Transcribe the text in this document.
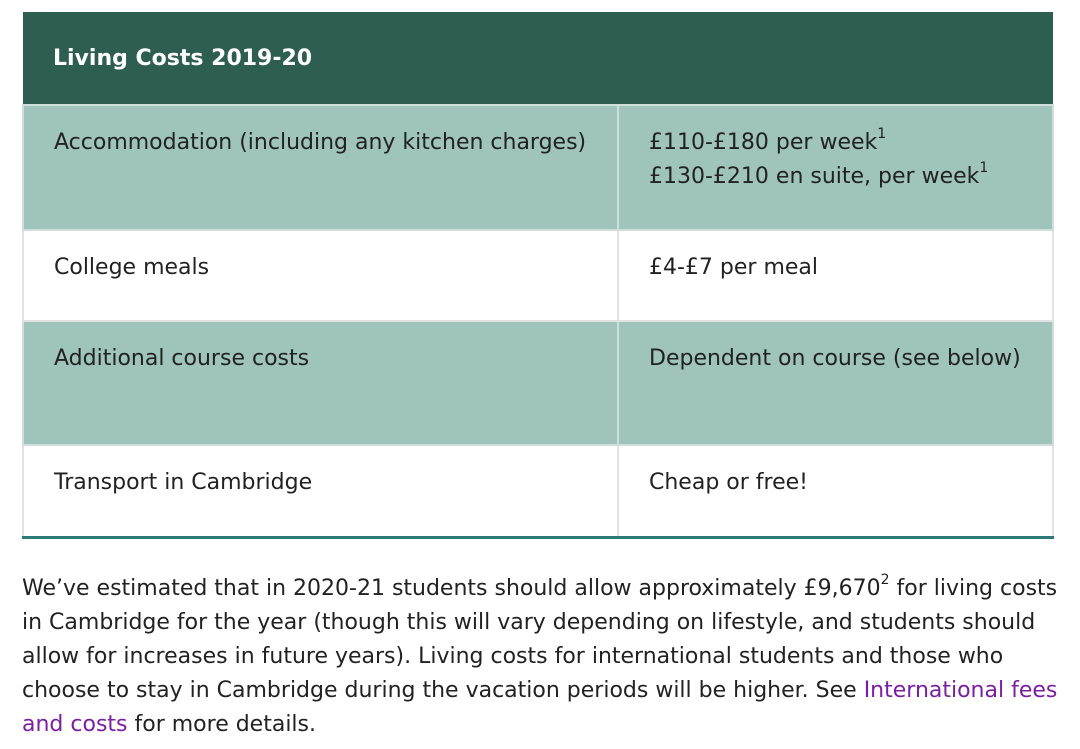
Living Costs 2019-20	
Accommodation (including any kitchen charges)	£110-£180 per week$^1$
£130-£210 en suite, per week$^1$
College meals	£4-£7 per meal
Additional course costs	Dependent on course (see below)
Transport in Cambridge	Cheap or free!

We’ve estimated that in 2020-21 students should allow approximately £9,670$^2$ for living costs in Cambridge for the year (though this will vary depending on lifestyle, and students should allow for increases in future years). Living costs for international students and those who choose to stay in Cambridge during the vacation periods will be higher. See International fees and costs for more details.
